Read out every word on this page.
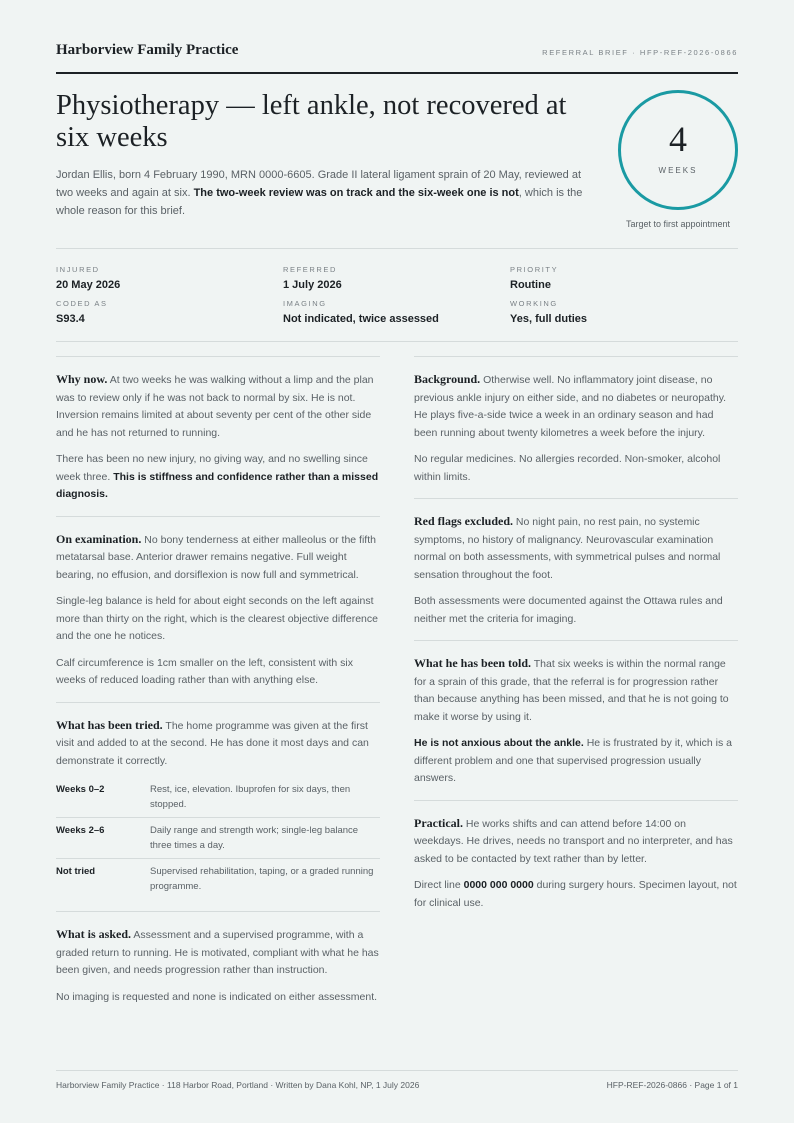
Harborview Family Practice	REFERRAL BRIEF · HFP-REF-2026-0866
Physiotherapy — left ankle, not recovered at six weeks

Jordan Ellis, born 4 February 1990, MRN 0000-6605. Grade II lateral ligament sprain of 20 May, reviewed at two weeks and again at six. The two-week review was on track and the six-week one is not, which is the whole reason for this brief.

4
WEEKS
Target to first appointment
INJURED
20 May 2026
REFERRED
1 July 2026
PRIORITY
Routine
CODED AS
S93.4
IMAGING
Not indicated, twice assessed
WORKING
Yes, full duties

Why now. At two weeks he was walking without a limp and the plan was to review only if he was not back to normal by six. He is not. Inversion remains limited at about seventy per cent of the other side and he has not returned to running.

There has been no new injury, no giving way, and no swelling since week three. This is stiffness and confidence rather than a missed diagnosis.

On examination. No bony tenderness at either malleolus or the fifth metatarsal base. Anterior drawer remains negative. Full weight bearing, no effusion, and dorsiflexion is now full and symmetrical.

Single-leg balance is held for about eight seconds on the left against more than thirty on the right, which is the clearest objective difference and the one he notices.

Calf circumference is 1cm smaller on the left, consistent with six weeks of reduced loading rather than with anything else.

What has been tried. The home programme was given at the first visit and added to at the second. He has done it most days and can demonstrate it correctly.

Weeks 0–2	Rest, ice, elevation. Ibuprofen for six days, then stopped.
Weeks 2–6	Daily range and strength work; single-leg balance three times a day.
Not tried	Supervised rehabilitation, taping, or a graded running programme.

What is asked. Assessment and a supervised programme, with a graded return to running. He is motivated, compliant with what he has been given, and needs progression rather than instruction.

No imaging is requested and none is indicated on either assessment.

Background. Otherwise well. No inflammatory joint disease, no previous ankle injury on either side, and no diabetes or neuropathy. He plays five-a-side twice a week in an ordinary season and had been running about twenty kilometres a week before the injury.

No regular medicines. No allergies recorded. Non-smoker, alcohol within limits.

Red flags excluded. No night pain, no rest pain, no systemic symptoms, no history of malignancy. Neurovascular examination normal on both assessments, with symmetrical pulses and normal sensation throughout the foot.

Both assessments were documented against the Ottawa rules and neither met the criteria for imaging.

What he has been told. That six weeks is within the normal range for a sprain of this grade, that the referral is for progression rather than because anything has been missed, and that he is not going to make it worse by using it.

He is not anxious about the ankle. He is frustrated by it, which is a different problem and one that supervised progression usually answers.

Practical. He works shifts and can attend before 14:00 on weekdays. He drives, needs no transport and no interpreter, and has asked to be contacted by text rather than by letter.

Direct line 0000 000 0000 during surgery hours. Specimen layout, not for clinical use.

Harborview Family Practice · 118 Harbor Road, Portland · Written by Dana Kohl, NP, 1 July 2026	HFP-REF-2026-0866 · Page 1 of 1
